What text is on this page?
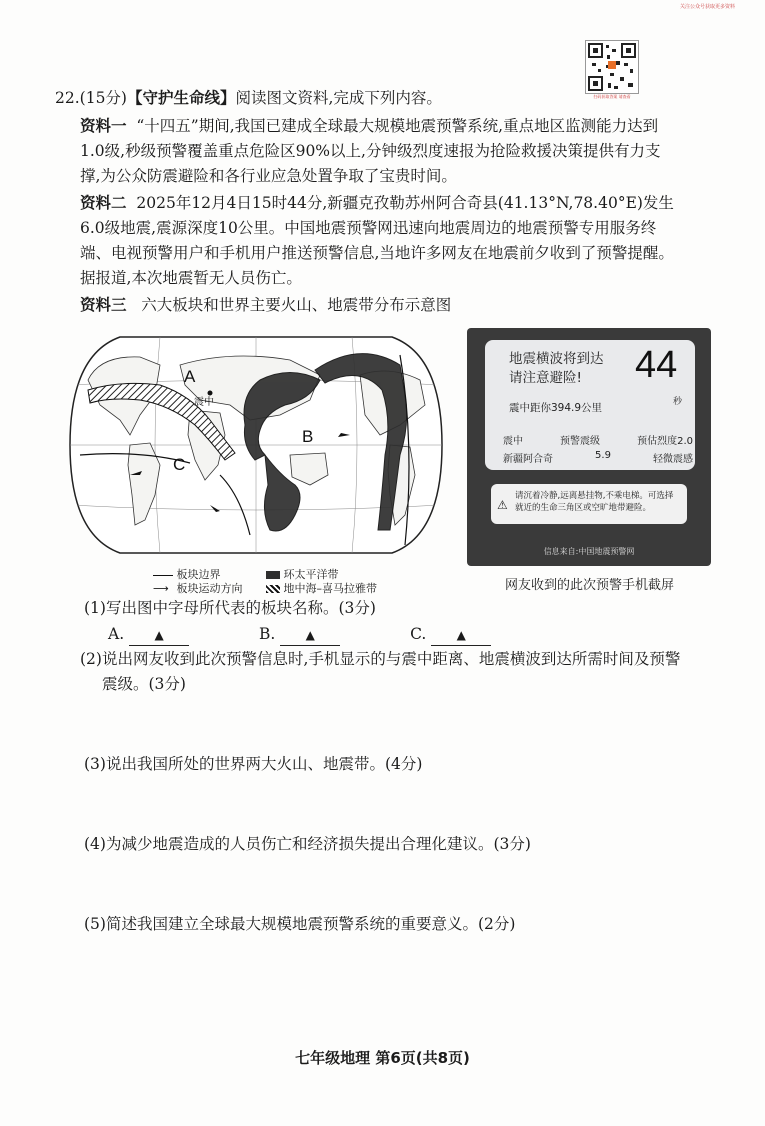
关注公众号获取更多资料
扫码获取答案 请查看
22.(15分)【守护生命线】阅读图文资料,完成下列内容。
资料一 “十四五”期间,我国已建成全球最大规模地震预警系统,重点地区监测能力达到
1.0级,秒级预警覆盖重点危险区90%以上,分钟级烈度速报为抢险救援决策提供有力支
撑,为公众防震避险和各行业应急处置争取了宝贵时间。
资料二 2025年12月4日15时44分,新疆克孜勒苏州阿合奇县(41.13°N,78.40°E)发生
6.0级地震,震源深度10公里。中国地震预警网迅速向地震周边的地震预警专用服务终
端、电视预警用户和手机用户推送预警信息,当地许多网友在地震前夕收到了预警提醒。
据报道,本次地震暂无人员伤亡。
资料三 六大板块和世界主要火山、地震带分布示意图
A
震中
B
C
板块边界
⟶ 板块运动方向
环太平洋带
地中海–喜马拉雅带
地震横波将到达
请注意避险!	44
秒
震中距你394.9公里
震中	预警震级	预估烈度2.0
新疆阿合奇	5.9	轻微震感
⚠
请沉着冷静,远离悬挂物,不乘电梯。可选择就近的生命三角区或空旷地带避险。
信息来自:中国地震预警网
网友收到的此次预警手机截屏
(1)写出图中字母所代表的板块名称。(3分)
A.	▲	B.	▲	C.	▲
(2)说出网友收到此次预警信息时,手机显示的与震中距离、地震横波到达所需时间及预警
震级。(3分)
(3)说出我国所处的世界两大火山、地震带。(4分)
(4)为减少地震造成的人员伤亡和经济损失提出合理化建议。(3分)
(5)简述我国建立全球最大规模地震预警系统的重要意义。(2分)
七年级地理 第6页(共8页)
